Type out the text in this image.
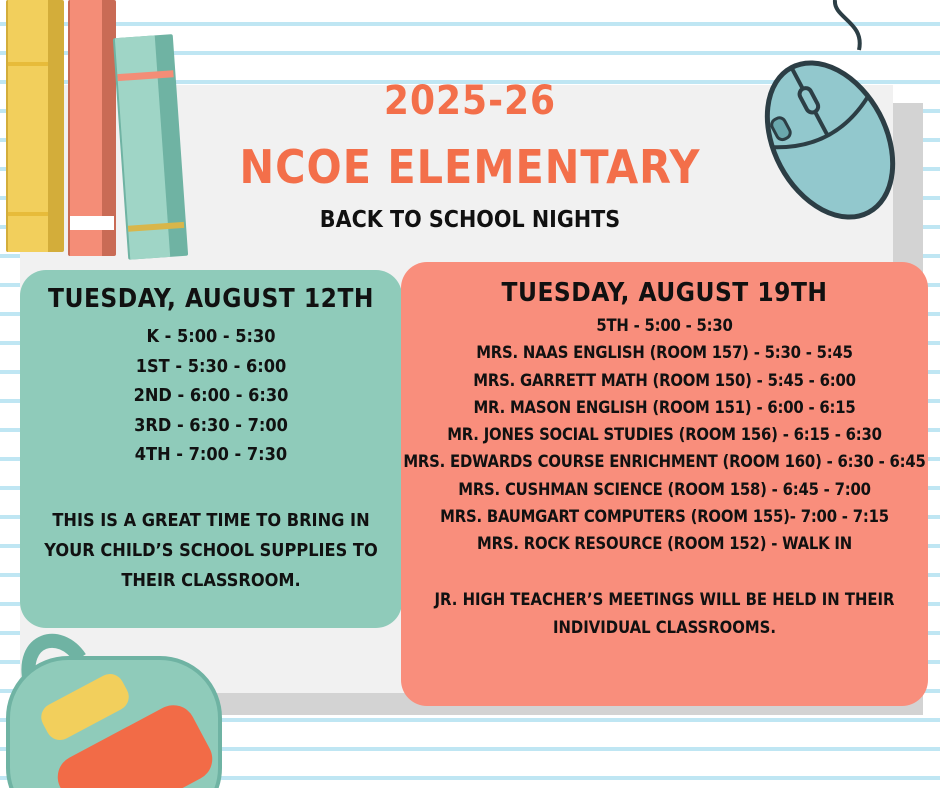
2025-26
NCOE ELEMENTARY
BACK TO SCHOOL NIGHTS
TUESDAY, AUGUST 12TH
K - 5:00 - 5:30
1ST - 5:30 - 6:00
2ND - 6:00 - 6:30
3RD - 6:30 - 7:00
4TH - 7:00 - 7:30

THIS IS A GREAT TIME TO BRING IN YOUR CHILD’S SCHOOL SUPPLIES TO THEIR CLASSROOM.

TUESDAY, AUGUST 19TH
5TH - 5:00 - 5:30
MRS. NAAS ENGLISH (ROOM 157) - 5:30 - 5:45
MRS. GARRETT MATH (ROOM 150) - 5:45 - 6:00
MR. MASON ENGLISH (ROOM 151) - 6:00 - 6:15
MR. JONES SOCIAL STUDIES (ROOM 156) - 6:15 - 6:30
MRS. EDWARDS COURSE ENRICHMENT (ROOM 160) - 6:30 - 6:45
MRS. CUSHMAN SCIENCE (ROOM 158) - 6:45 - 7:00
MRS. BAUMGART COMPUTERS (ROOM 155)- 7:00 - 7:15
MRS. ROCK RESOURCE (ROOM 152) - WALK IN

JR. HIGH TEACHER’S MEETINGS WILL BE HELD IN THEIR INDIVIDUAL CLASSROOMS.
